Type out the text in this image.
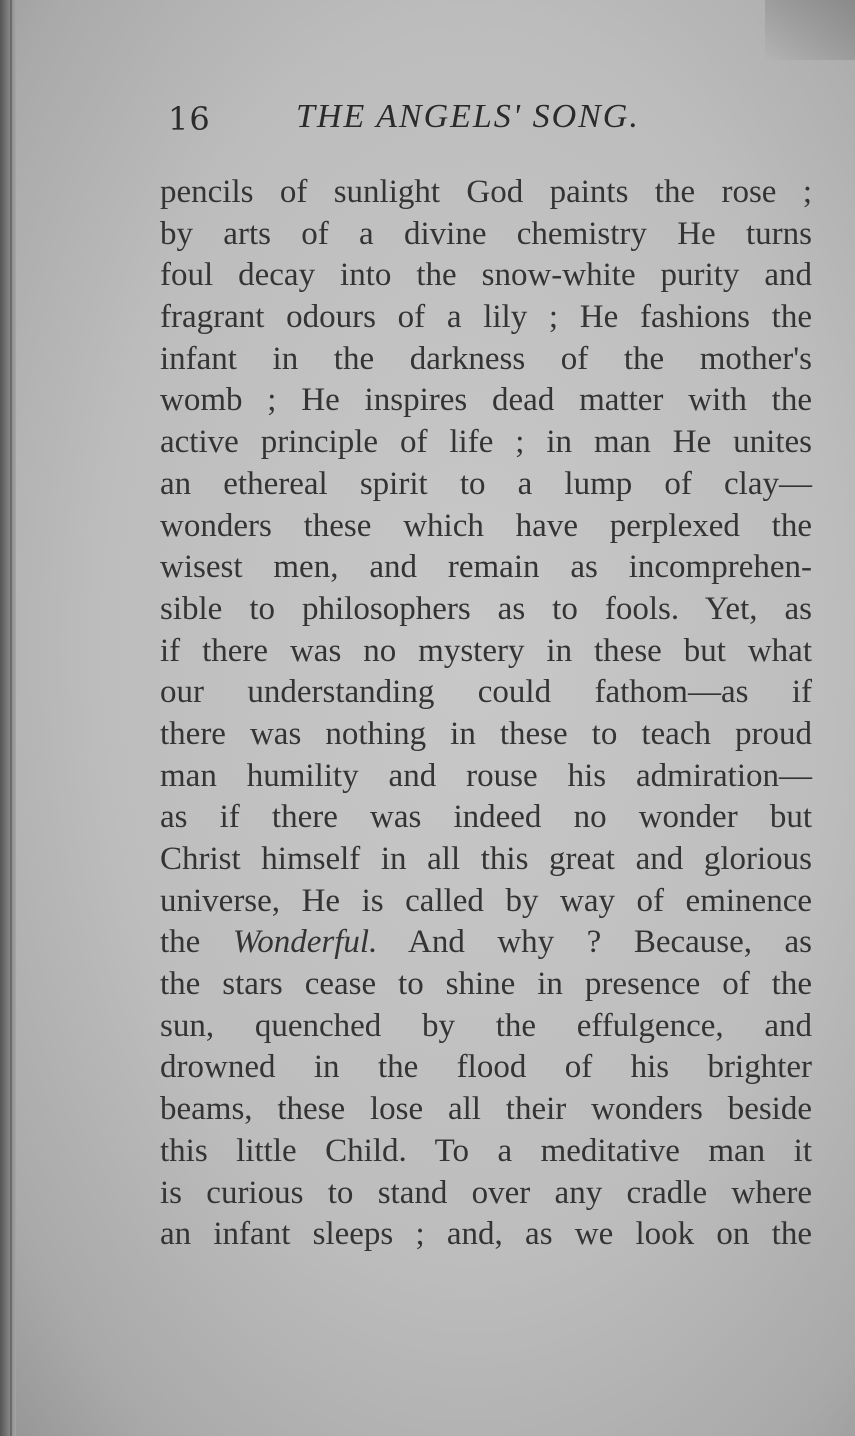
16	THE ANGELS' SONG.
pencils of sunlight God paints the rose ;
by arts of a divine chemistry He turns
foul decay into the snow-white purity and
fragrant odours of a lily ; He fashions the
infant in the darkness of the mother's
womb ; He inspires dead matter with the
active principle of life ; in man He unites
an ethereal spirit to a lump of clay—
wonders these which have perplexed the
wisest men, and remain as incomprehen-
sible to philosophers as to fools. Yet, as
if there was no mystery in these but what
our understanding could fathom—as if
there was nothing in these to teach proud
man humility and rouse his admiration—
as if there was indeed no wonder but
Christ himself in all this great and glorious
universe, He is called by way of eminence
the Wonderful. And why ? Because, as
the stars cease to shine in presence of the
sun, quenched by the effulgence, and
drowned in the flood of his brighter
beams, these lose all their wonders beside
this little Child. To a meditative man it
is curious to stand over any cradle where
an infant sleeps ; and, as we look on the
